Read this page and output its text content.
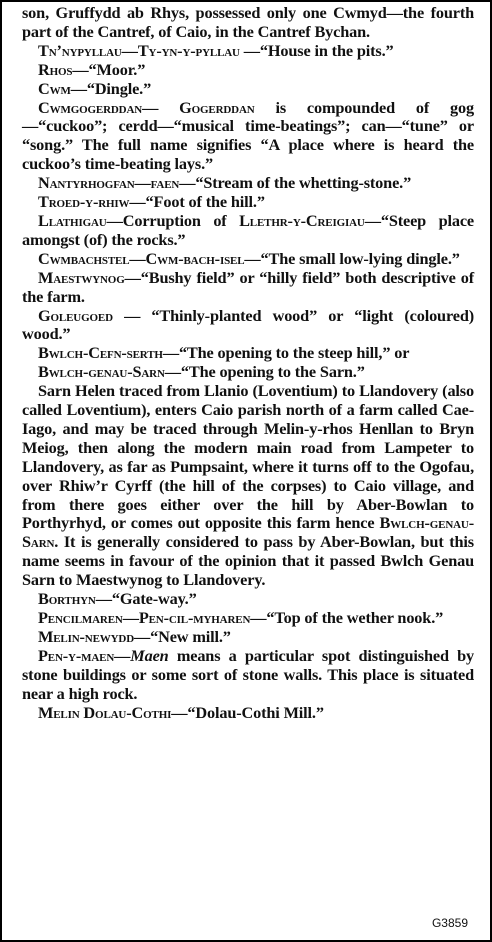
son, Gruffydd ab Rhys, possessed only one Cwmyd—the fourth part of the Cantref, of Caio, in the Cantref Bychan.

Tn’nypyllau—Ty-yn-y-pyllau —“House in the pits.”

Rhos—“Moor.”

Cwm—“Dingle.”

Cwmgogerddan— Gogerddan is compounded of gog—“cuckoo”; cerdd—“musical time-beatings”; can—“tune” or “song.” The full name signifies “A place where is heard the cuckoo’s time-beating lays.”

Nantyrhogfan—faen—“Stream of the whetting-stone.”

Troed-y-rhiw—“Foot of the hill.”

Llathigau—Corruption of Llethr-y-Creigiau—“Steep place amongst (of) the rocks.”

Cwmbachstel—Cwm-bach-isel—“The small low-lying dingle.”

Maestwynog—“Bushy field” or “hilly field” both descriptive of the farm.

Goleugoed — “Thinly-planted wood” or “light (coloured) wood.”

Bwlch-Cefn-serth—“The opening to the steep hill,” or

Bwlch-genau-Sarn—“The opening to the Sarn.”

Sarn Helen traced from Llanio (Loventium) to Llandovery (also called Loventium), enters Caio parish north of a farm called Cae-Iago, and may be traced through Melin-y-rhos Henllan to Bryn Meiog, then along the modern main road from Lampeter to Llandovery, as far as Pumpsaint, where it turns off to the Ogofau, over Rhiw’r Cyrff (the hill of the corpses) to Caio village, and from there goes either over the hill by Aber-Bowlan to Porthyrhyd, or comes out opposite this farm hence Bwlch-genau-Sarn. It is generally considered to pass by Aber-Bowlan, but this name seems in favour of the opinion that it passed Bwlch Genau Sarn to Maestwynog to Llandovery.

Borthyn—“Gate-way.”

Pencilmaren—Pen-cil-myharen—“Top of the wether nook.”

Melin-newydd—“New mill.”

Pen-y-maen—Maen means a particular spot distinguished by stone buildings or some sort of stone walls. This place is situated near a high rock.

Melin Dolau-Cothi—“Dolau-Cothi Mill.”

G3859
